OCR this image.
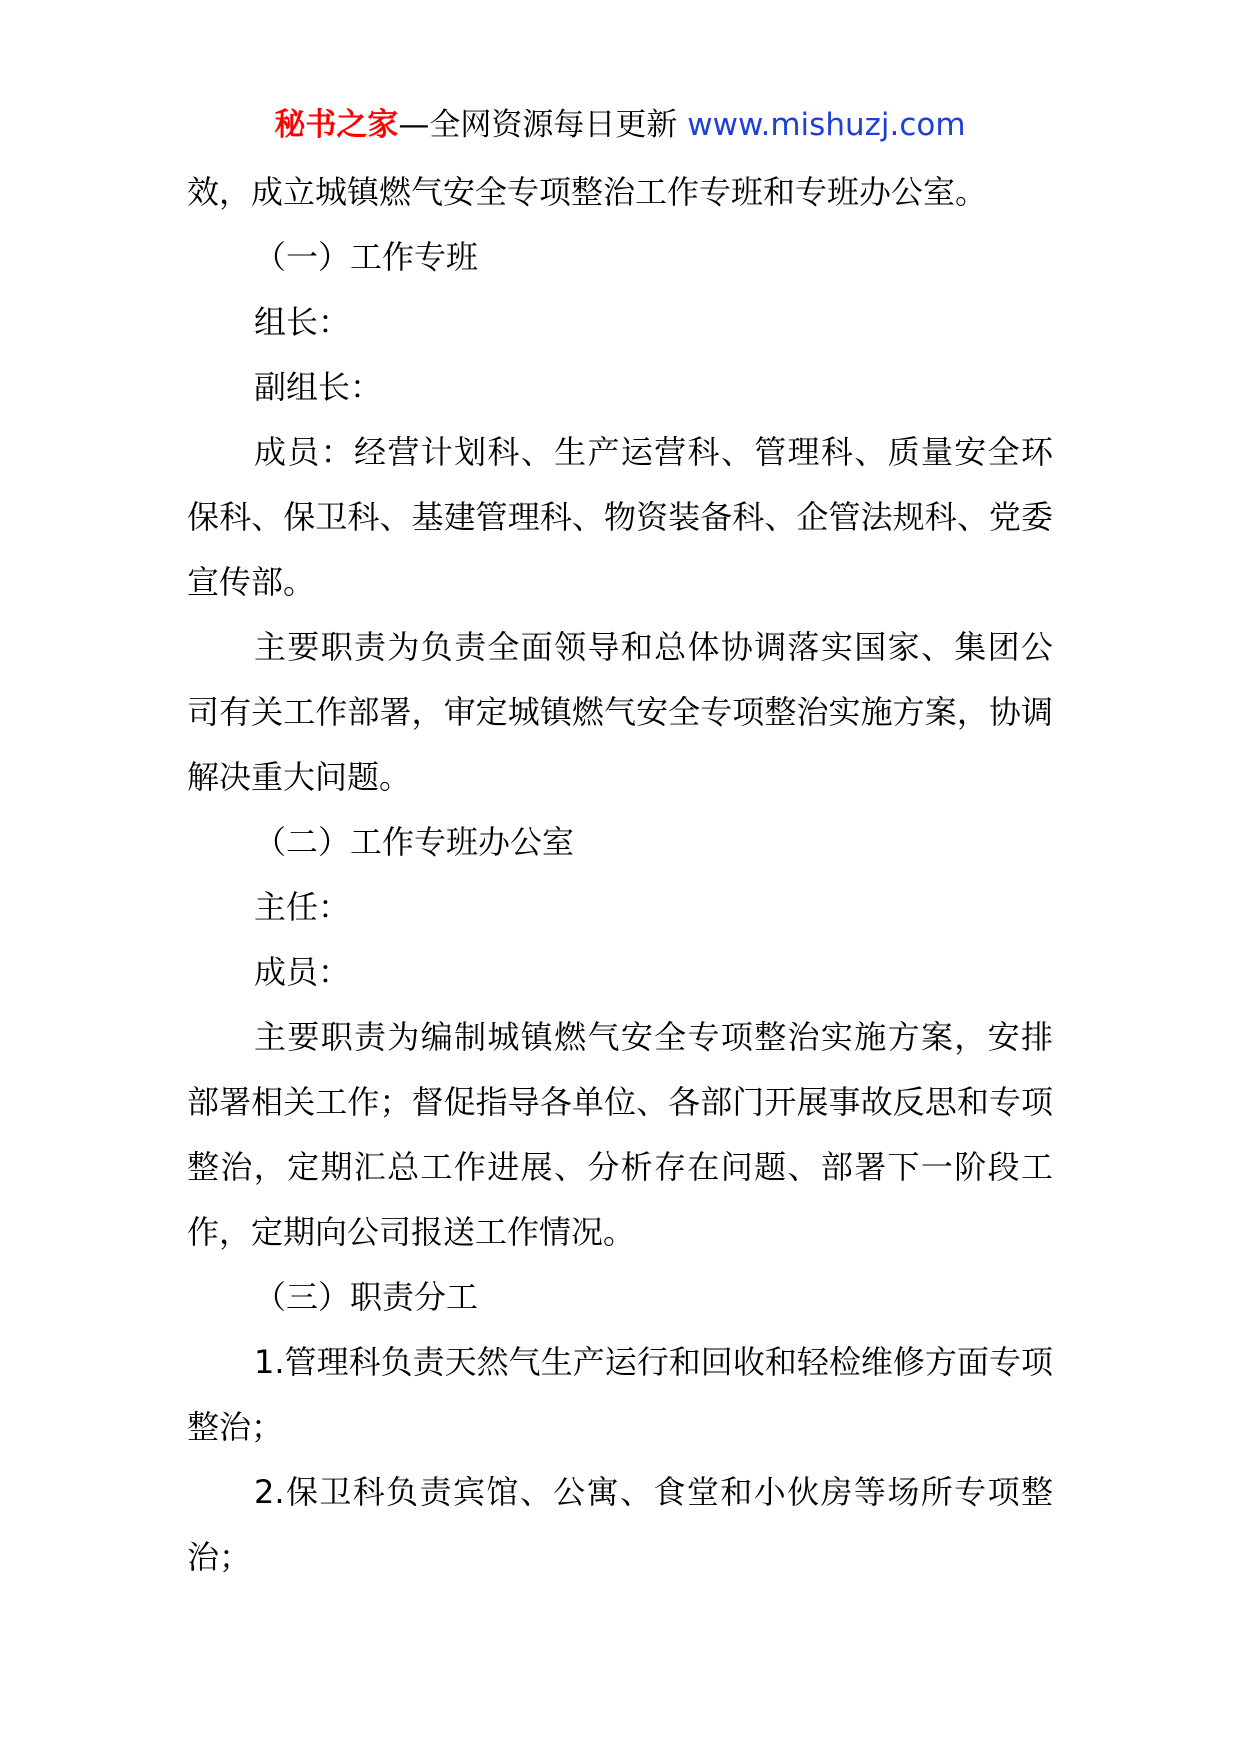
秘书之家—全网资源每日更新 www.mishuzj.com

效，成立城镇燃气安全专项整治工作专班和专班办公室。

（一）工作专班

组长：

副组长：

成员：经营计划科、生产运营科、管理科、质量安全环保科、保卫科、基建管理科、物资装备科、企管法规科、党委宣传部。

主要职责为负责全面领导和总体协调落实国家、集团公司有关工作部署，审定城镇燃气安全专项整治实施方案，协调解决重大问题。

（二）工作专班办公室

主任：

成员：

主要职责为编制城镇燃气安全专项整治实施方案，安排部署相关工作；督促指导各单位、各部门开展事故反思和专项整治，定期汇总工作进展、分析存在问题、部署下一阶段工作，定期向公司报送工作情况。

（三）职责分工

1.管理科负责天然气生产运行和回收和轻检维修方面专项整治；

2.保卫科负责宾馆、公寓、食堂和小伙房等场所专项整治；
